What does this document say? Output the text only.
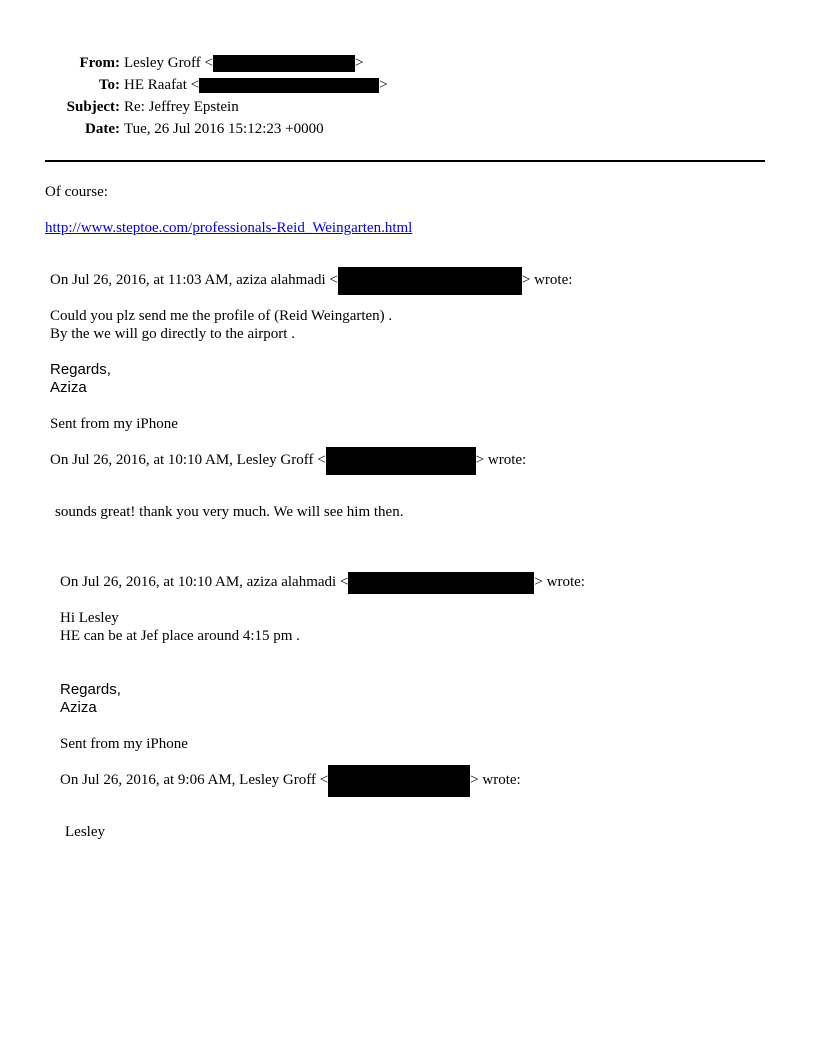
From: Lesley Groff <	>
To: HE Raafat <	>
Subject: Re: Jeffrey Epstein
Date: Tue, 26 Jul 2016 15:12:23 +0000
Of course:
http://www.steptoe.com/professionals-Reid_Weingarten.html
On Jul 26, 2016, at 11:03 AM, aziza alahmadi <	> wrote:
Could you plz send me the profile of (Reid Weingarten) .
By the we will go directly to the airport .
Regards,
Aziza
Sent from my iPhone
On Jul 26, 2016, at 10:10 AM, Lesley Groff <	> wrote:
sounds great! thank you very much. We will see him then.
On Jul 26, 2016, at 10:10 AM, aziza alahmadi <	> wrote:
Hi Lesley
HE can be at Jef place around 4:15 pm .
Regards,
Aziza
Sent from my iPhone
On Jul 26, 2016, at 9:06 AM, Lesley Groff <	> wrote:
Lesley
